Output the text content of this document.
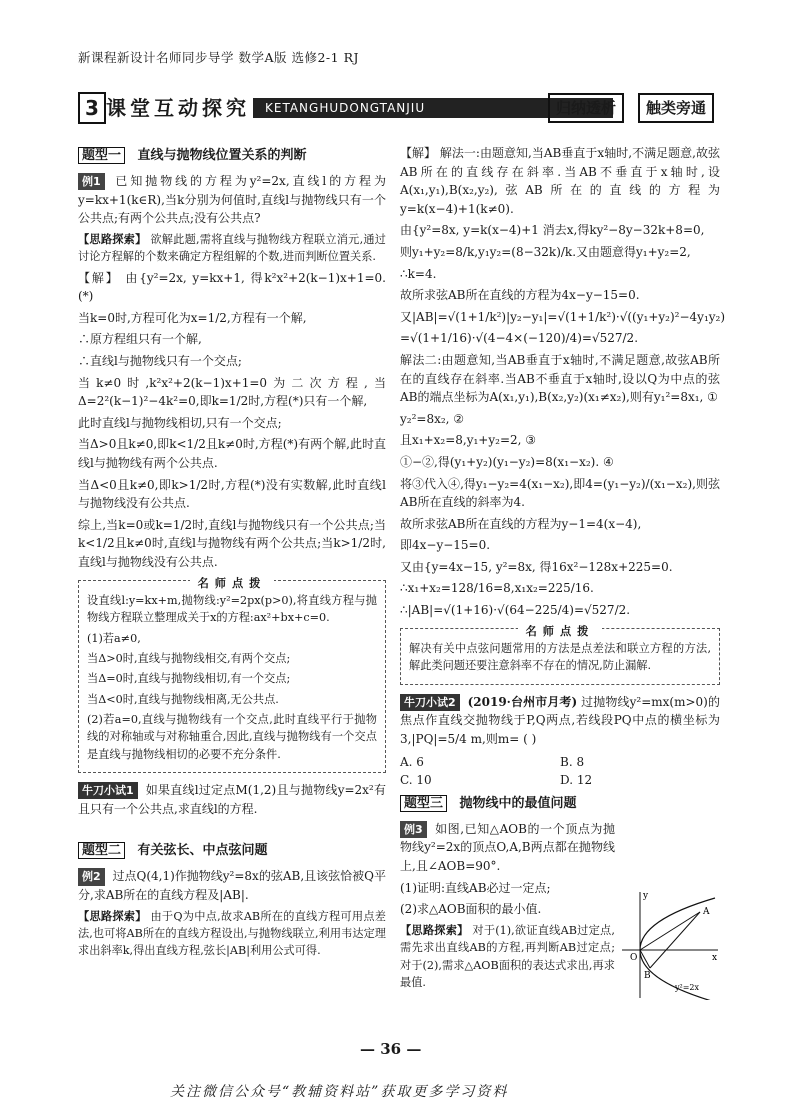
新课程新设计名师同步导学 数学A版 选修2-1 RJ
3 课堂互动探究 KETANGHUDONGTANJIU	归纳透析	触类旁通
题型一 直线与抛物线位置关系的判断

例1 已知抛物线的方程为y²=2x,直线l的方程为y=kx+1(k∈R),当k分别为何值时,直线l与抛物线只有一个公共点;有两个公共点;没有公共点?

【思路探索】 欲解此题,需将直线与抛物线方程联立消元,通过讨论方程解的个数来确定方程组解的个数,进而判断位置关系.

【解】 由{y²=2x, y=kx+1, 得k²x²+2(k−1)x+1=0.(*)

当k=0时,方程可化为x=1/2,方程有一个解,

∴原方程组只有一个解,

∴直线l与抛物线只有一个交点;

当k≠0时,k²x²+2(k−1)x+1=0为二次方程,当Δ=2²(k−1)²−4k²=0,即k=1/2时,方程(*)只有一个解,

此时直线l与抛物线相切,只有一个交点;

当Δ>0且k≠0,即k<1/2且k≠0时,方程(*)有两个解,此时直线l与抛物线有两个公共点.

当Δ<0且k≠0,即k>1/2时,方程(*)没有实数解,此时直线l与抛物线没有公共点.

综上,当k=0或k=1/2时,直线l与抛物线只有一个公共点;当k<1/2且k≠0时,直线l与抛物线有两个公共点;当k>1/2时,直线l与抛物线没有公共点.

名师点拨

设直线l:y=kx+m,抛物线:y²=2px(p>0),将直线方程与抛物线方程联立整理成关于x的方程:ax²+bx+c=0.

(1)若a≠0,

当Δ>0时,直线与抛物线相交,有两个交点;

当Δ=0时,直线与抛物线相切,有一个交点;

当Δ<0时,直线与抛物线相离,无公共点.

(2)若a=0,直线与抛物线有一个交点,此时直线平行于抛物线的对称轴或与对称轴重合,因此,直线与抛物线有一个交点是直线与抛物线相切的必要不充分条件.

牛刀小试1 如果直线l过定点M(1,2)且与抛物线y=2x²有且只有一个公共点,求直线l的方程.

题型二 有关弦长、中点弦问题

例2 过点Q(4,1)作抛物线y²=8x的弦AB,且该弦恰被Q平分,求AB所在的直线方程及|AB|.

【思路探索】 由于Q为中点,故求AB所在的直线方程可用点差法,也可将AB所在的直线方程设出,与抛物线联立,利用韦达定理求出斜率k,得出直线方程,弦长|AB|利用公式可得.

【解】 解法一:由题意知,当AB垂直于x轴时,不满足题意,故弦AB所在的直线存在斜率.当AB不垂直于x轴时,设A(x₁,y₁),B(x₂,y₂),弦AB所在的直线的方程为y=k(x−4)+1(k≠0).

由{y²=8x, y=k(x−4)+1 消去x,得ky²−8y−32k+8=0,

则y₁+y₂=8/k,y₁y₂=(8−32k)/k.又由题意得y₁+y₂=2,

∴k=4.

故所求弦AB所在直线的方程为4x−y−15=0.

又|AB|=√(1+1/k²)|y₂−y₁|=√(1+1/k²)·√((y₁+y₂)²−4y₁y₂)

=√(1+1/16)·√(4−4×(−120)/4)=√527/2.

解法二:由题意知,当AB垂直于x轴时,不满足题意,故弦AB所在的直线存在斜率.当AB不垂直于x轴时,设以Q为中点的弦AB的端点坐标为A(x₁,y₁),B(x₂,y₂)(x₁≠x₂),则有y₁²=8x₁, ①

y₂²=8x₂, ②

且x₁+x₂=8,y₁+y₂=2, ③

①−②,得(y₁+y₂)(y₁−y₂)=8(x₁−x₂). ④

将③代入④,得y₁−y₂=4(x₁−x₂),即4=(y₁−y₂)/(x₁−x₂),则弦AB所在直线的斜率为4.

故所求弦AB所在直线的方程为y−1=4(x−4),

即4x−y−15=0.

又由{y=4x−15, y²=8x, 得16x²−128x+225=0.

∴x₁+x₂=128/16=8,x₁x₂=225/16.

∴|AB|=√(1+16)·√(64−225/4)=√527/2.

名师点拨

解决有关中点弦问题常用的方法是点差法和联立方程的方法,解此类问题还要注意斜率不存在的情况,防止漏解.

牛刀小试2 (2019·台州市月考) 过抛物线y²=mx(m>0)的焦点作直线交抛物线于P,Q两点,若线段PQ中点的横坐标为3,|PQ|=5/4 m,则m= ( )

A. 6	B. 8
C. 10	D. 12
题型三 抛物线中的最值问题

例3 如图,已知△AOB的一个顶点为抛物线y²=2x的顶点O,A,B两点都在抛物线上,且∠AOB=90°.

(1)证明:直线AB必过一定点;

(2)求△AOB面积的最小值.

【思路探索】 对于(1),欲证直线AB过定点,需先求出直线AB的方程,再判断AB过定点;对于(2),需求△AOB面积的表达式求出,再求最值.

A
B
O
y
x
y²=2x
— 36 —
关注微信公众号“教辅资料站”获取更多学习资料
